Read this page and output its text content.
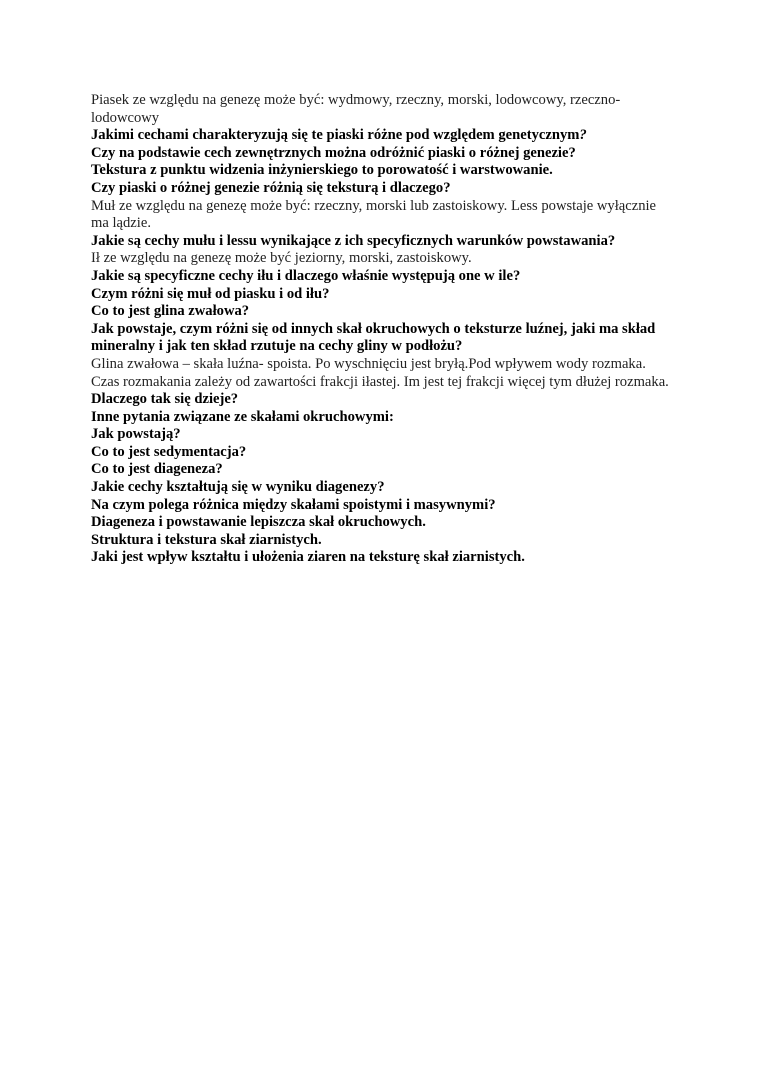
Piasek ze względu na genezę może być: wydmowy, rzeczny, morski, lodowcowy, rzeczno-lodowcowy

Jakimi cechami charakteryzują się te piaski różne pod względem genetycznym?

Czy na podstawie cech zewnętrznych można odróżnić piaski o różnej genezie?

Tekstura z punktu widzenia inżynierskiego to porowatość i warstwowanie.

Czy piaski o różnej genezie różnią się teksturą i dlaczego?

Muł ze względu na genezę może być: rzeczny, morski lub zastoiskowy. Less powstaje wyłącznie ma lądzie.

Jakie są cechy mułu i lessu wynikające z ich specyficznych warunków powstawania?

Ił ze względu na genezę może być jeziorny, morski, zastoiskowy.

Jakie są specyficzne cechy iłu i dlaczego właśnie występują one w ile?

Czym różni się muł od piasku i od iłu?

Co to jest glina zwałowa?

Jak powstaje, czym różni się od innych skał okruchowych o teksturze luźnej, jaki ma skład mineralny i jak ten skład rzutuje na cechy gliny w podłożu?

Glina zwałowa – skała luźna- spoista. Po wyschnięciu jest bryłą.Pod wpływem wody rozmaka. Czas rozmakania zależy od zawartości frakcji iłastej. Im jest tej frakcji więcej tym dłużej rozmaka.

Dlaczego tak się dzieje?

Inne pytania związane ze skałami okruchowymi:

Jak powstają?

Co to jest sedymentacja?

Co to jest diageneza?

Jakie cechy kształtują się w wyniku diagenezy?

Na czym polega różnica między skałami spoistymi i masywnymi?

Diageneza i powstawanie lepiszcza skał okruchowych.

Struktura i tekstura skał ziarnistych.

Jaki jest wpływ kształtu i ułożenia ziaren na teksturę skał ziarnistych.
